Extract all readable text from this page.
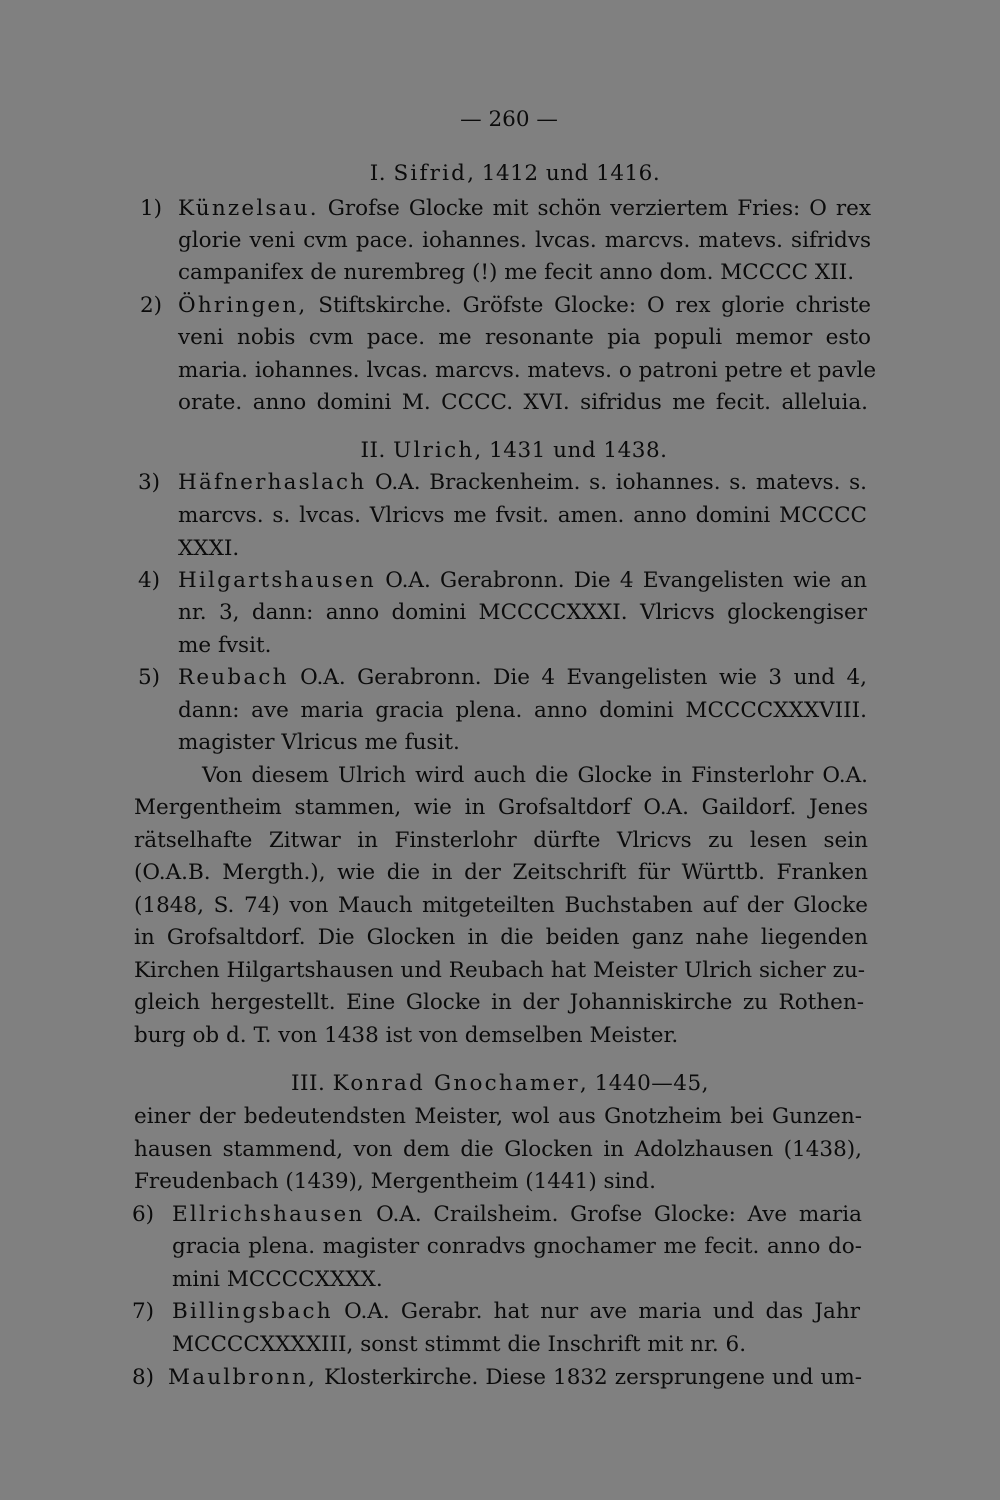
— 260 —
I. Sifrid, 1412 und 1416.
1) Künzelsau. Grofse Glocke mit schön verziertem Fries: O rex
glorie veni cvm pace. iohannes. lvcas. marcvs. matevs. sifridvs
campanifex de nurembreg (!) me fecit anno dom. MCCCC XII.
2) Öhringen, Stiftskirche. Gröfste Glocke: O rex glorie christe
veni nobis cvm pace. me resonante pia populi memor esto
maria. iohannes. lvcas. marcvs. matevs. o patroni petre et pavle
orate. anno domini M. CCCC. XVI. sifridus me fecit. alleluia.
II. Ulrich, 1431 und 1438.
3) Häfnerhaslach O.A. Brackenheim. s. iohannes. s. matevs. s.
marcvs. s. lvcas. Vlricvs me fvsit. amen. anno domini MCCCC
XXXI.
4) Hilgartshausen O.A. Gerabronn. Die 4 Evangelisten wie an
nr. 3, dann: anno domini MCCCCXXXI. Vlricvs glockengiser
me fvsit.
5) Reubach O.A. Gerabronn. Die 4 Evangelisten wie 3 und 4,
dann: ave maria gracia plena. anno domini MCCCCXXXVIII.
magister Vlricus me fusit.
Von diesem Ulrich wird auch die Glocke in Finsterlohr O.A.
Mergentheim stammen, wie in Grofsaltdorf O.A. Gaildorf. Jenes
rätselhafte Zitwar in Finsterlohr dürfte Vlricvs zu lesen sein
(O.A.B. Mergth.), wie die in der Zeitschrift für Württb. Franken
(1848, S. 74) von Mauch mitgeteilten Buchstaben auf der Glocke
in Grofsaltdorf. Die Glocken in die beiden ganz nahe liegenden
Kirchen Hilgartshausen und Reubach hat Meister Ulrich sicher zu-
gleich hergestellt. Eine Glocke in der Johanniskirche zu Rothen-
burg ob d. T. von 1438 ist von demselben Meister.
III. Konrad Gnochamer, 1440—45,
einer der bedeutendsten Meister, wol aus Gnotzheim bei Gunzen-
hausen stammend, von dem die Glocken in Adolzhausen (1438),
Freudenbach (1439), Mergentheim (1441) sind.
6) Ellrichshausen O.A. Crailsheim. Grofse Glocke: Ave maria
gracia plena. magister conradvs gnochamer me fecit. anno do-
mini MCCCCXXXX.
7) Billingsbach O.A. Gerabr. hat nur ave maria und das Jahr
MCCCCXXXXIII, sonst stimmt die Inschrift mit nr. 6.
8) Maulbronn, Klosterkirche. Diese 1832 zersprungene und um-
